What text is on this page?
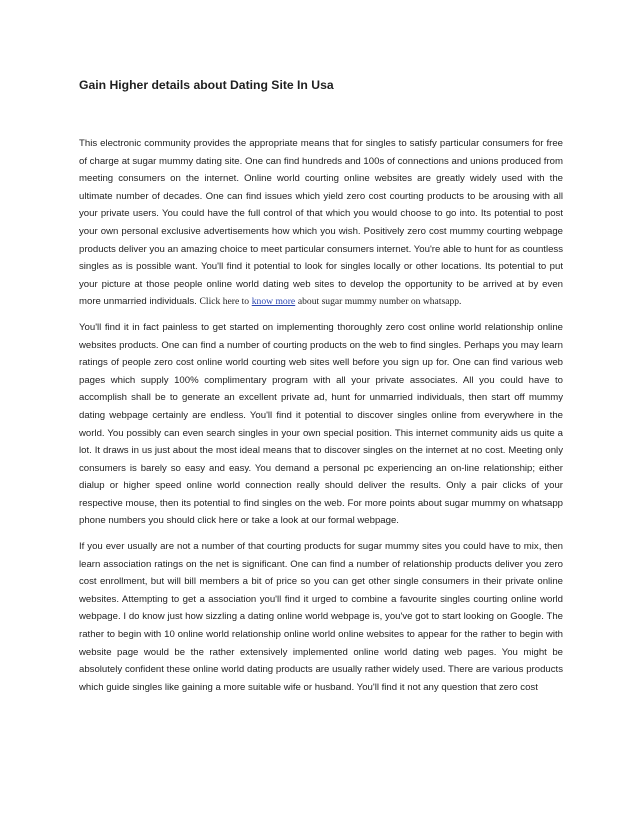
Gain Higher details about Dating Site In Usa

This electronic community provides the appropriate means that for singles to satisfy particular consumers for free of charge at sugar mummy dating site. One can find hundreds and 100s of connections and unions produced from meeting consumers on the internet. Online world courting online websites are greatly widely used with the ultimate number of decades. One can find issues which yield zero cost courting products to be arousing with all your private users. You could have the full control of that which you would choose to go into. Its potential to post your own personal exclusive advertisements how which you wish. Positively zero cost mummy courting webpage products deliver you an amazing choice to meet particular consumers internet. You're able to hunt for as countless singles as is possible want. You'll find it potential to look for singles locally or other locations. Its potential to put your picture at those people online world dating web sites to develop the opportunity to be arrived at by even more unmarried individuals. Click here to know more about sugar mummy number on whatsapp.

You'll find it in fact painless to get started on implementing thoroughly zero cost online world relationship online websites products. One can find a number of courting products on the web to find singles. Perhaps you may learn ratings of people zero cost online world courting web sites well before you sign up for. One can find various web pages which supply 100% complimentary program with all your private associates. All you could have to accomplish shall be to generate an excellent private ad, hunt for unmarried individuals, then start off mummy dating webpage certainly are endless. You'll find it potential to discover singles online from everywhere in the world. You possibly can even search singles in your own special position. This internet community aids us quite a lot. It draws in us just about the most ideal means that to discover singles on the internet at no cost. Meeting only consumers is barely so easy and easy. You demand a personal pc experiencing an on-line relationship; either dialup or higher speed online world connection really should deliver the results. Only a pair clicks of your respective mouse, then its potential to find singles on the web. For more points about sugar mummy on whatsapp phone numbers you should click here or take a look at our formal webpage.

If you ever usually are not a number of that courting products for sugar mummy sites you could have to mix, then learn association ratings on the net is significant. One can find a number of relationship products deliver you zero cost enrollment, but will bill members a bit of price so you can get other single consumers in their private online websites. Attempting to get a association you'll find it urged to combine a favourite singles courting online world webpage. I do know just how sizzling a dating online world webpage is, you've got to start looking on Google. The rather to begin with 10 online world relationship online world online websites to appear for the rather to begin with website page would be the rather extensively implemented online world dating web pages. You might be absolutely confident these online world dating products are usually rather widely used. There are various products which guide singles like gaining a more suitable wife or husband. You'll find it not any question that zero cost
